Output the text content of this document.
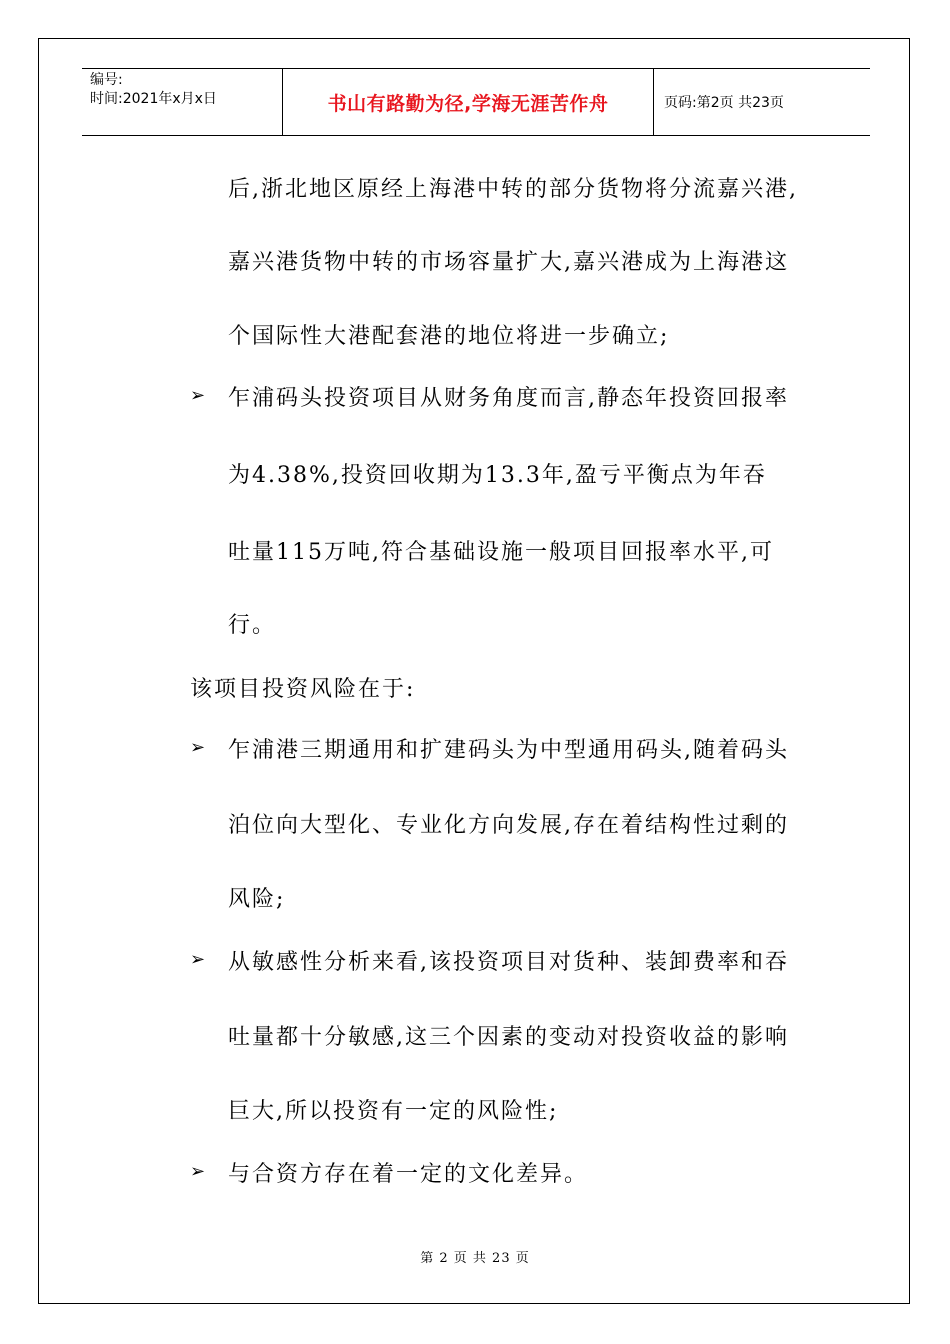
编号:
时间:2021年x月x日	书山有路勤为径,学海无涯苦作舟	页码:第2页 共23页
后,浙北地区原经上海港中转的部分货物将分流嘉兴港,
嘉兴港货物中转的市场容量扩大,嘉兴港成为上海港这
个国际性大港配套港的地位将进一步确立;
➢ 乍浦码头投资项目从财务角度而言,静态年投资回报率
为4.38%,投资回收期为13.3年,盈亏平衡点为年吞
吐量115万吨,符合基础设施一般项目回报率水平,可
行。
该项目投资风险在于:
➢ 乍浦港三期通用和扩建码头为中型通用码头,随着码头
泊位向大型化、专业化方向发展,存在着结构性过剩的
风险;
➢ 从敏感性分析来看,该投资项目对货种、装卸费率和吞
吐量都十分敏感,这三个因素的变动对投资收益的影响
巨大,所以投资有一定的风险性;
➢ 与合资方存在着一定的文化差异。
第 2 页 共 23 页
